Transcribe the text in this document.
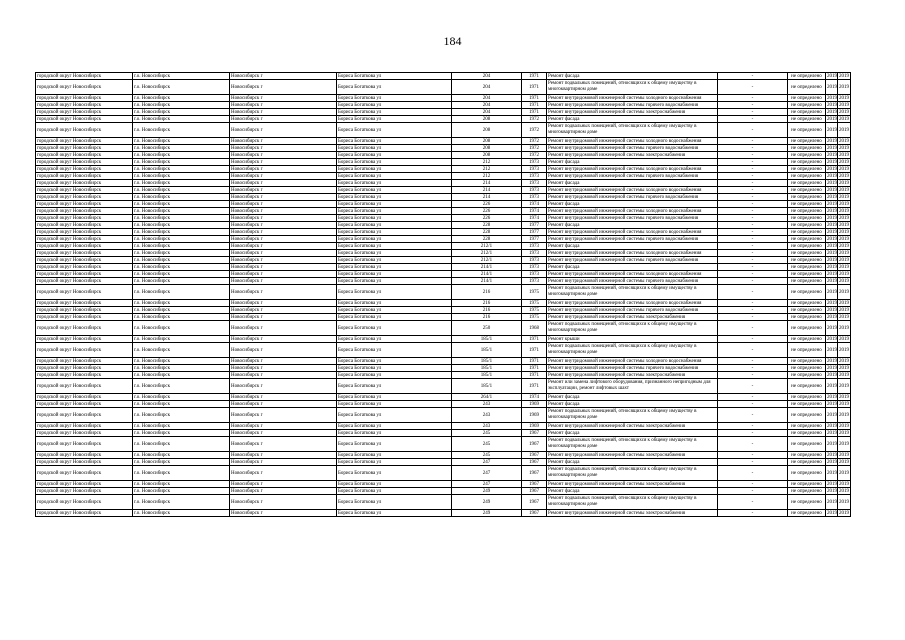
184
городской округ Новосибирск	г.о. Новосибирск	Новосибирск г	Бориса Богаткова ул	204	1971	Ремонт фасада	-	не определено	2019	2019
городской округ Новосибирск	г.о. Новосибирск	Новосибирск г	Бориса Богаткова ул	204	1971	Ремонт подвальных помещений, относящихся к общему имуществу в многоквартирном доме	-	не определено	2019	2019
городской округ Новосибирск	г.о. Новосибирск	Новосибирск г	Бориса Богаткова ул	204	1971	Ремонт внутридомовой инженерной системы холодного водоснабжения	-	не определено	2019	2019
городской округ Новосибирск	г.о. Новосибирск	Новосибирск г	Бориса Богаткова ул	204	1971	Ремонт внутридомовой инженерной системы горячего водоснабжения	-	не определено	2019	2019
городской округ Новосибирск	г.о. Новосибирск	Новосибирск г	Бориса Богаткова ул	204	1971	Ремонт внутридомовой инженерной системы электроснабжения	-	не определено	2019	2019
городской округ Новосибирск	г.о. Новосибирск	Новосибирск г	Бориса Богаткова ул	208	1972	Ремонт фасада	-	не определено	2019	2019
городской округ Новосибирск	г.о. Новосибирск	Новосибирск г	Бориса Богаткова ул	208	1972	Ремонт подвальных помещений, относящихся к общему имуществу в многоквартирном доме	-	не определено	2019	2019
городской округ Новосибирск	г.о. Новосибирск	Новосибирск г	Бориса Богаткова ул	208	1972	Ремонт внутридомовой инженерной системы холодного водоснабжения	-	не определено	2019	2019
городской округ Новосибирск	г.о. Новосибирск	Новосибирск г	Бориса Богаткова ул	208	1972	Ремонт внутридомовой инженерной системы горячего водоснабжения	-	не определено	2019	2019
городской округ Новосибирск	г.о. Новосибирск	Новосибирск г	Бориса Богаткова ул	208	1972	Ремонт внутридомовой инженерной системы электроснабжения	-	не определено	2019	2019
городской округ Новосибирск	г.о. Новосибирск	Новосибирск г	Бориса Богаткова ул	212	1973	Ремонт фасада	-	не определено	2019	2019
городской округ Новосибирск	г.о. Новосибирск	Новосибирск г	Бориса Богаткова ул	212	1973	Ремонт внутридомовой инженерной системы холодного водоснабжения	-	не определено	2019	2019
городской округ Новосибирск	г.о. Новосибирск	Новосибирск г	Бориса Богаткова ул	212	1973	Ремонт внутридомовой инженерной системы горячего водоснабжения	-	не определено	2019	2019
городской округ Новосибирск	г.о. Новосибирск	Новосибирск г	Бориса Богаткова ул	214	1973	Ремонт фасада	-	не определено	2019	2019
городской округ Новосибирск	г.о. Новосибирск	Новосибирск г	Бориса Богаткова ул	214	1973	Ремонт внутридомовой инженерной системы холодного водоснабжения	-	не определено	2019	2019
городской округ Новосибирск	г.о. Новосибирск	Новосибирск г	Бориса Богаткова ул	214	1973	Ремонт внутридомовой инженерной системы горячего водоснабжения	-	не определено	2019	2019
городской округ Новосибирск	г.о. Новосибирск	Новосибирск г	Бориса Богаткова ул	226	1974	Ремонт фасада	-	не определено	2019	2019
городской округ Новосибирск	г.о. Новосибирск	Новосибирск г	Бориса Богаткова ул	226	1974	Ремонт внутридомовой инженерной системы холодного водоснабжения	-	не определено	2019	2019
городской округ Новосибирск	г.о. Новосибирск	Новосибирск г	Бориса Богаткова ул	226	1974	Ремонт внутридомовой инженерной системы горячего водоснабжения	-	не определено	2019	2019
городской округ Новосибирск	г.о. Новосибирск	Новосибирск г	Бориса Богаткова ул	228	1977	Ремонт фасада	-	не определено	2019	2019
городской округ Новосибирск	г.о. Новосибирск	Новосибирск г	Бориса Богаткова ул	228	1977	Ремонт внутридомовой инженерной системы холодного водоснабжения	-	не определено	2019	2019
городской округ Новосибирск	г.о. Новосибирск	Новосибирск г	Бориса Богаткова ул	228	1977	Ремонт внутридомовой инженерной системы горячего водоснабжения	-	не определено	2019	2019
городской округ Новосибирск	г.о. Новосибирск	Новосибирск г	Бориса Богаткова ул	212/1	1973	Ремонт фасада	-	не определено	2019	2019
городской округ Новосибирск	г.о. Новосибирск	Новосибирск г	Бориса Богаткова ул	212/1	1973	Ремонт внутридомовой инженерной системы холодного водоснабжения	-	не определено	2019	2019
городской округ Новосибирск	г.о. Новосибирск	Новосибирск г	Бориса Богаткова ул	212/1	1973	Ремонт внутридомовой инженерной системы горячего водоснабжения	-	не определено	2019	2019
городской округ Новосибирск	г.о. Новосибирск	Новосибирск г	Бориса Богаткова ул	214/1	1973	Ремонт фасада	-	не определено	2019	2019
городской округ Новосибирск	г.о. Новосибирск	Новосибирск г	Бориса Богаткова ул	214/1	1973	Ремонт внутридомовой инженерной системы холодного водоснабжения	-	не определено	2019	2019
городской округ Новосибирск	г.о. Новосибирск	Новосибирск г	Бориса Богаткова ул	214/1	1973	Ремонт внутридомовой инженерной системы горячего водоснабжения	-	не определено	2019	2019
городской округ Новосибирск	г.о. Новосибирск	Новосибирск г	Бориса Богаткова ул	216	1975	Ремонт подвальных помещений, относящихся к общему имуществу в многоквартирном доме	-	не определено	2019	2019
городской округ Новосибирск	г.о. Новосибирск	Новосибирск г	Бориса Богаткова ул	216	1975	Ремонт внутридомовой инженерной системы холодного водоснабжения	-	не определено	2019	2019
городской округ Новосибирск	г.о. Новосибирск	Новосибирск г	Бориса Богаткова ул	216	1975	Ремонт внутридомовой инженерной системы горячего водоснабжения	-	не определено	2019	2019
городской округ Новосибирск	г.о. Новосибирск	Новосибирск г	Бориса Богаткова ул	216	1975	Ремонт внутридомовой инженерной системы электроснабжения	-	не определено	2019	2019
городской округ Новосибирск	г.о. Новосибирск	Новосибирск г	Бориса Богаткова ул	250	1968	Ремонт подвальных помещений, относящихся к общему имуществу в многоквартирном доме	-	не определено	2019	2019
городской округ Новосибирск	г.о. Новосибирск	Новосибирск г	Бориса Богаткова ул	185/1	1971	Ремонт крыши	-	не определено	2019	2019
городской округ Новосибирск	г.о. Новосибирск	Новосибирск г	Бориса Богаткова ул	185/1	1971	Ремонт подвальных помещений, относящихся к общему имуществу в многоквартирном доме	-	не определено	2019	2019
городской округ Новосибирск	г.о. Новосибирск	Новосибирск г	Бориса Богаткова ул	185/1	1971	Ремонт внутридомовой инженерной системы холодного водоснабжения	-	не определено	2019	2019
городской округ Новосибирск	г.о. Новосибирск	Новосибирск г	Бориса Богаткова ул	185/1	1971	Ремонт внутридомовой инженерной системы горячего водоснабжения	-	не определено	2019	2019
городской округ Новосибирск	г.о. Новосибирск	Новосибирск г	Бориса Богаткова ул	185/1	1971	Ремонт внутридомовой инженерной системы электроснабжения	-	не определено	2019	2019
городской округ Новосибирск	г.о. Новосибирск	Новосибирск г	Бориса Богаткова ул	185/1	1971	Ремонт или замена лифтового оборудования, признанного непригодным для эксплуатации, ремонт лифтовых шахт	-	не определено	2019	2019
городской округ Новосибирск	г.о. Новосибирск	Новосибирск г	Бориса Богаткова ул	264/1	1974	Ремонт фасада	-	не определено	2019	2019
городской округ Новосибирск	г.о. Новосибирск	Новосибирск г	Бориса Богаткова ул	243	1969	Ремонт фасада	-	не определено	2019	2019
городской округ Новосибирск	г.о. Новосибирск	Новосибирск г	Бориса Богаткова ул	243	1969	Ремонт подвальных помещений, относящихся к общему имуществу в многоквартирном доме	-	не определено	2019	2019
городской округ Новосибирск	г.о. Новосибирск	Новосибирск г	Бориса Богаткова ул	243	1969	Ремонт внутридомовой инженерной системы электроснабжения	-	не определено	2019	2019
городской округ Новосибирск	г.о. Новосибирск	Новосибирск г	Бориса Богаткова ул	245	1967	Ремонт фасада	-	не определено	2019	2019
городской округ Новосибирск	г.о. Новосибирск	Новосибирск г	Бориса Богаткова ул	245	1967	Ремонт подвальных помещений, относящихся к общему имуществу в многоквартирном доме	-	не определено	2019	2019
городской округ Новосибирск	г.о. Новосибирск	Новосибирск г	Бориса Богаткова ул	245	1967	Ремонт внутридомовой инженерной системы электроснабжения	-	не определено	2019	2019
городской округ Новосибирск	г.о. Новосибирск	Новосибирск г	Бориса Богаткова ул	247	1967	Ремонт фасада	-	не определено	2019	2019
городской округ Новосибирск	г.о. Новосибирск	Новосибирск г	Бориса Богаткова ул	247	1967	Ремонт подвальных помещений, относящихся к общему имуществу в многоквартирном доме	-	не определено	2019	2019
городской округ Новосибирск	г.о. Новосибирск	Новосибирск г	Бориса Богаткова ул	247	1967	Ремонт внутридомовой инженерной системы электроснабжения	-	не определено	2019	2019
городской округ Новосибирск	г.о. Новосибирск	Новосибирск г	Бориса Богаткова ул	249	1967	Ремонт фасада	-	не определено	2019	2019
городской округ Новосибирск	г.о. Новосибирск	Новосибирск г	Бориса Богаткова ул	249	1967	Ремонт подвальных помещений, относящихся к общему имуществу в многоквартирном доме	-	не определено	2019	2019
городской округ Новосибирск	г.о. Новосибирск	Новосибирск г	Бориса Богаткова ул	249	1967	Ремонт внутридомовой инженерной системы электроснабжения	-	не определено	2019	2019
